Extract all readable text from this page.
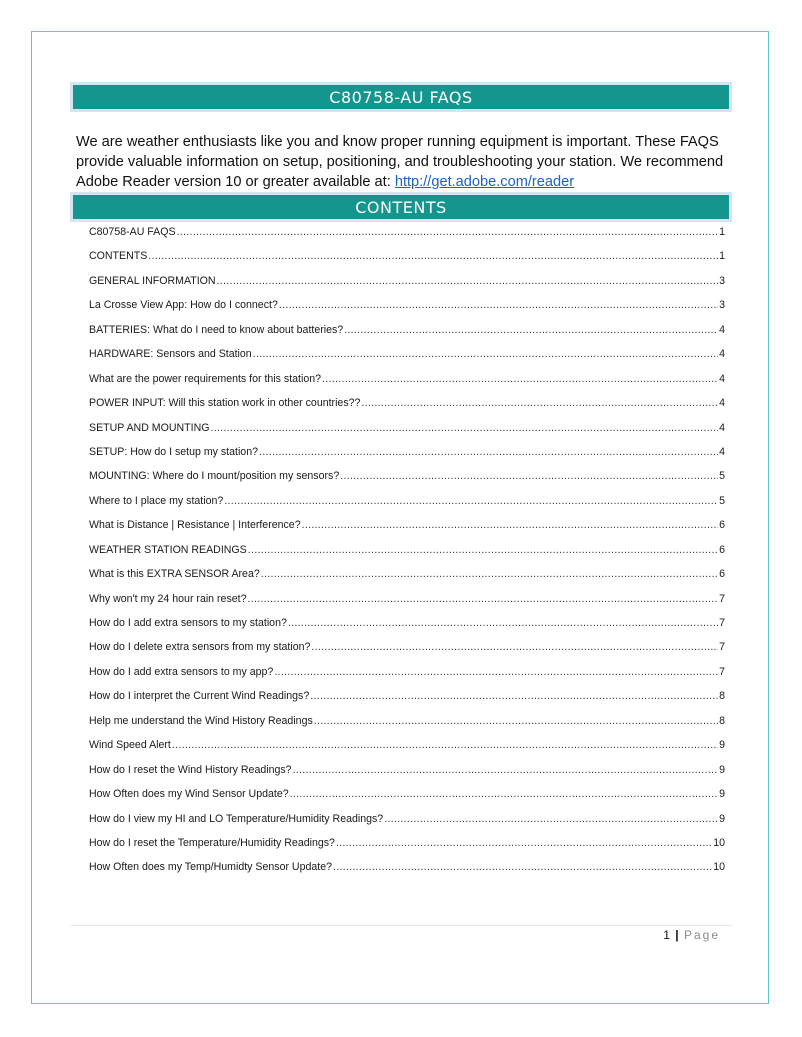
C80758-AU FAQS
We are weather enthusiasts like you and know proper running equipment is important. These FAQS provide valuable information on setup, positioning, and troubleshooting your station. We recommend Adobe Reader version 10 or greater available at: http://get.adobe.com/reader
CONTENTS
C80758-AU FAQS .....	1
CONTENTS .....	1
GENERAL INFORMATION .....	3
La Crosse View App: How do I connect? .....	3
BATTERIES: What do I need to know about batteries? .....	4
HARDWARE: Sensors and Station .....	4
What are the power requirements for this station? .....	4
POWER INPUT: Will this station work in other countries?? .....	4
SETUP AND MOUNTING .....	4
SETUP: How do I setup my station? .....	4
MOUNTING: Where do I mount/position my sensors? .....	5
Where to I place my station? .....	5
What is Distance | Resistance | Interference? .....	6
WEATHER STATION READINGS .....	6
What is this EXTRA SENSOR Area? .....	6
Why won't my 24 hour rain reset? .....	7
How do I add extra sensors to my station? .....	7
How do I delete extra sensors from my station? .....	7
How do I add extra sensors to my app? .....	7
How do I interpret the Current Wind Readings? .....	8
Help me understand the Wind History Readings .....	8
Wind Speed Alert .....	9
How do I reset the Wind History Readings? .....	9
How Often does my Wind Sensor Update? .....	9
How do I view my HI and LO Temperature/Humidity Readings? .....	9
How do I reset the Temperature/Humidity Readings? .....	10
How Often does my Temp/Humidty Sensor Update? .....	10
1 | Page
